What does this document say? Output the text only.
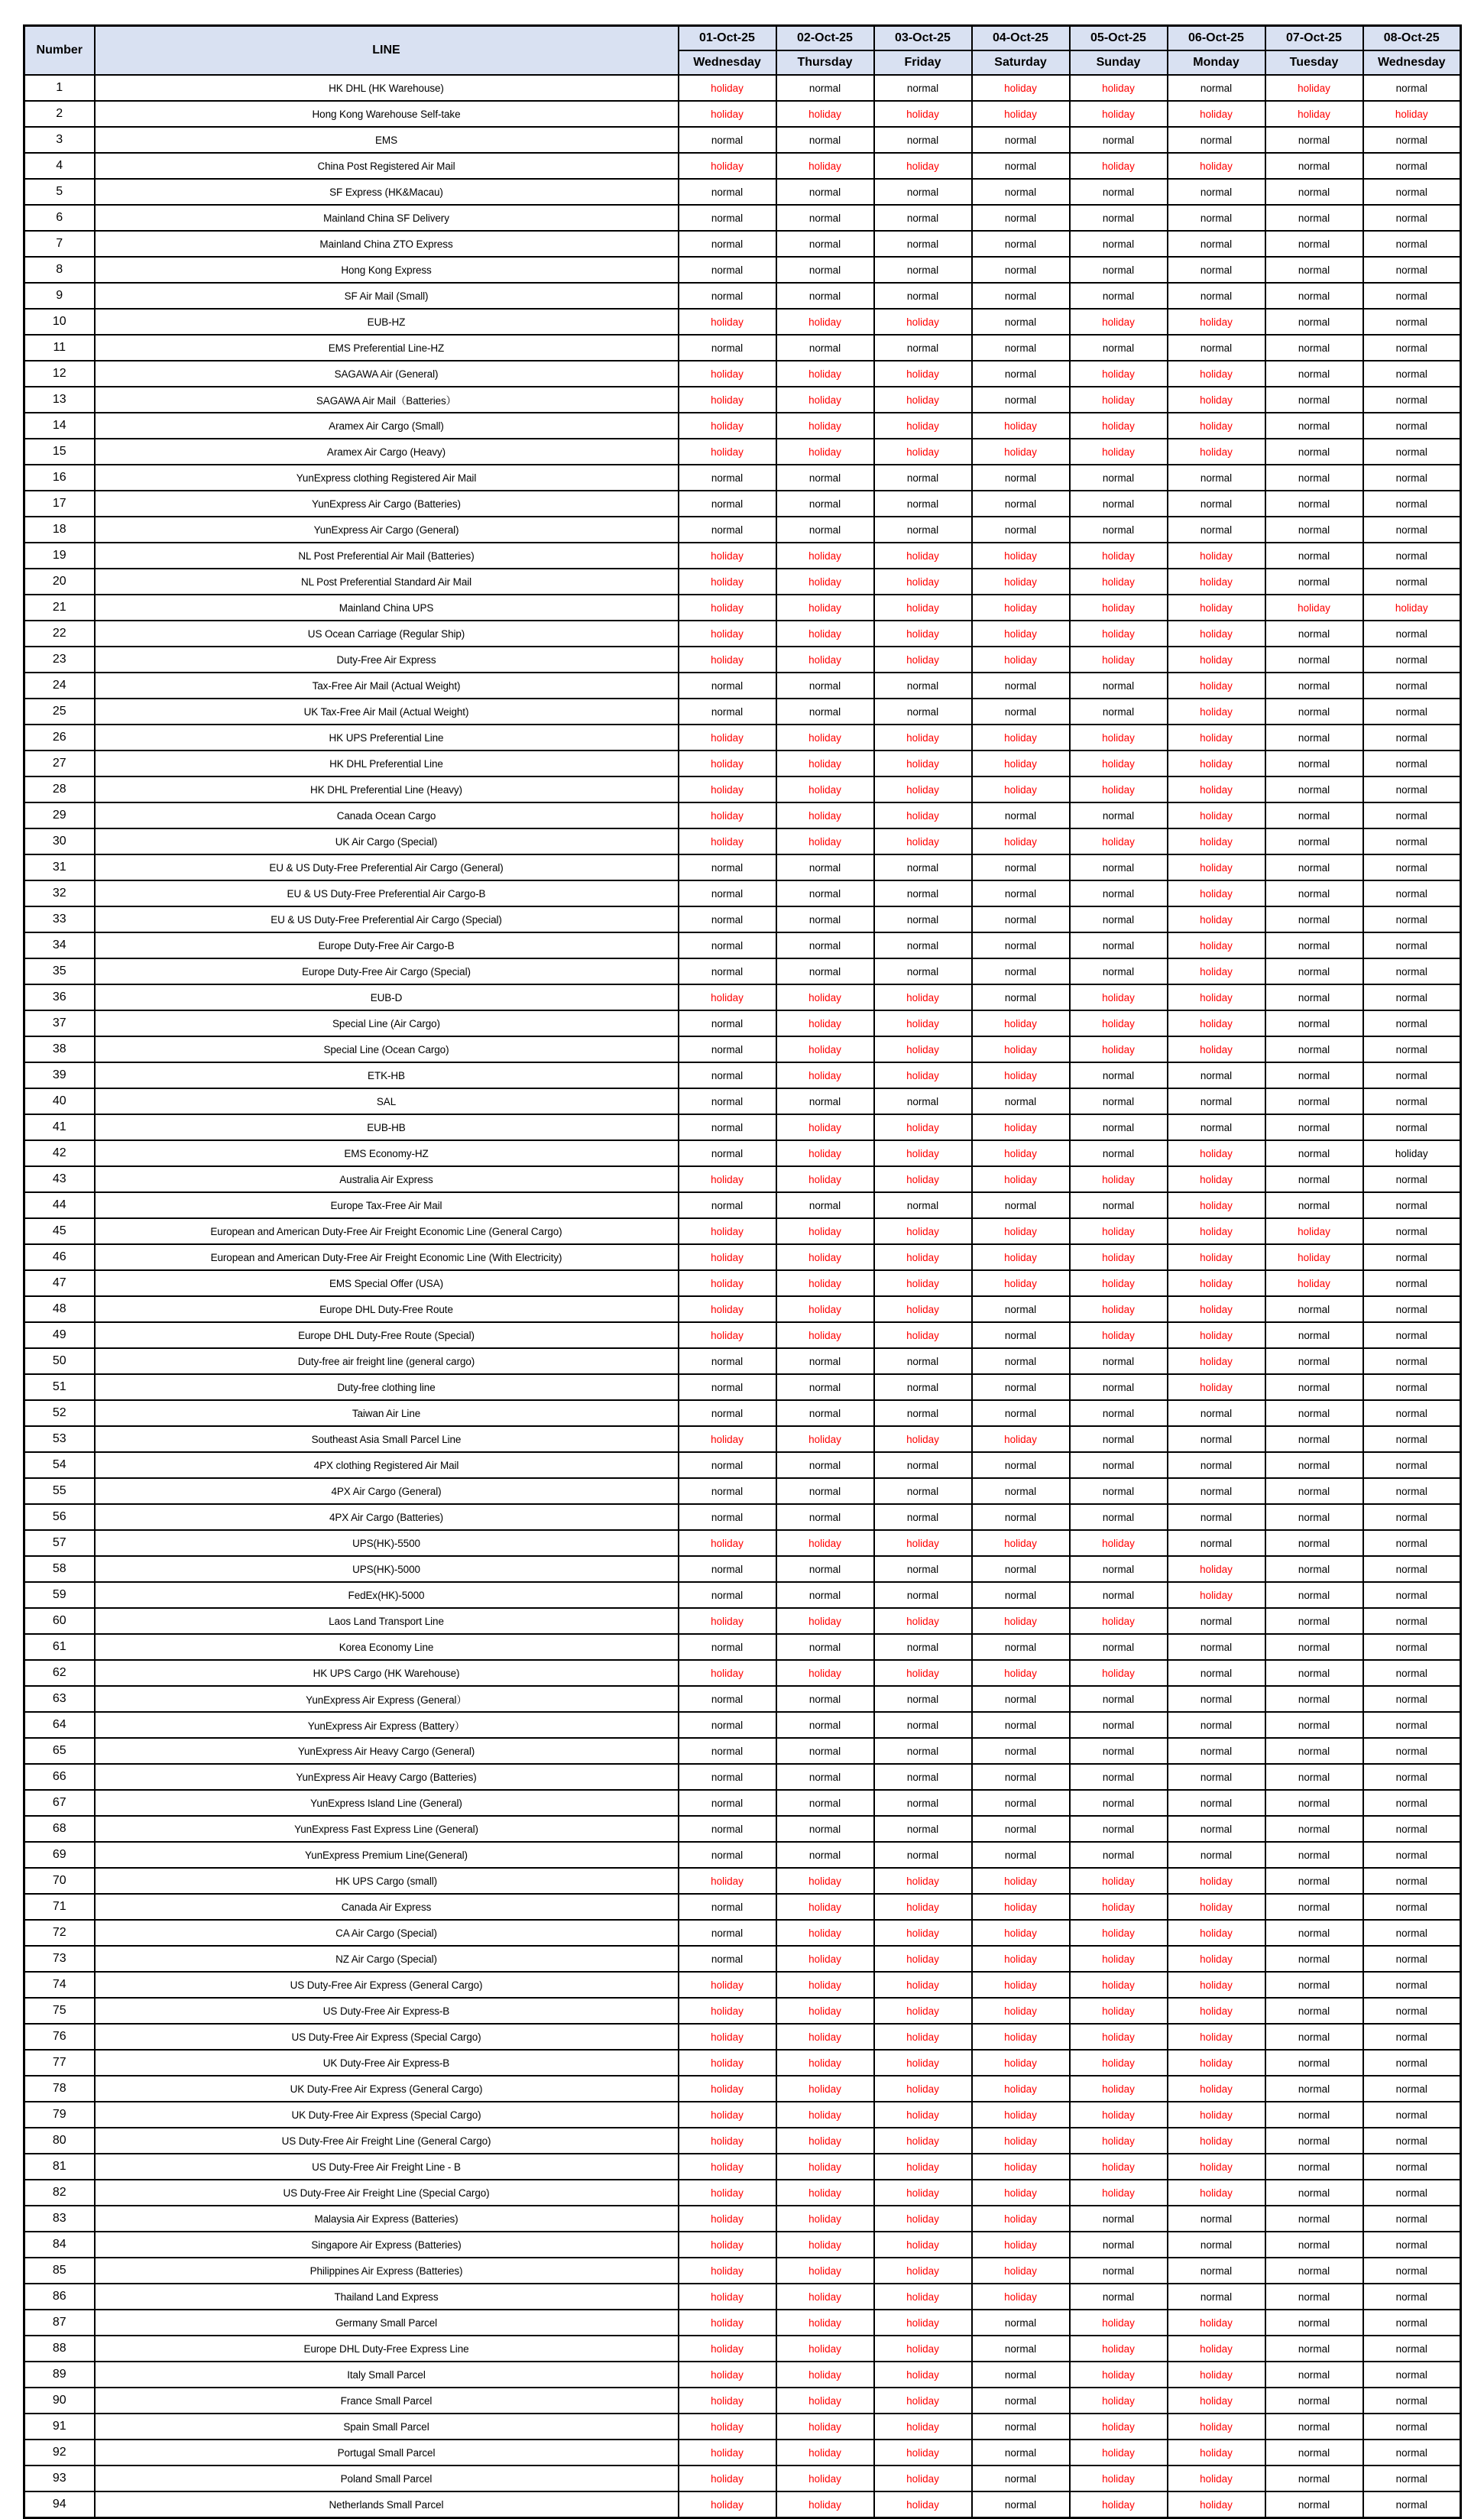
Number	LINE	01-Oct-25	02-Oct-25	03-Oct-25	04-Oct-25	05-Oct-25	06-Oct-25	07-Oct-25	08-Oct-25
		Wednesday	Thursday	Friday	Saturday	Sunday	Monday	Tuesday	Wednesday
1	HK DHL (HK Warehouse)	holiday	normal	normal	holiday	holiday	normal	holiday	normal
2	Hong Kong Warehouse Self-take	holiday	holiday	holiday	holiday	holiday	holiday	holiday	holiday
3	EMS	normal	normal	normal	normal	normal	normal	normal	normal
4	China Post Registered Air Mail	holiday	holiday	holiday	normal	holiday	holiday	normal	normal
5	SF Express (HK&Macau)	normal	normal	normal	normal	normal	normal	normal	normal
6	Mainland China SF Delivery	normal	normal	normal	normal	normal	normal	normal	normal
7	Mainland China ZTO Express	normal	normal	normal	normal	normal	normal	normal	normal
8	Hong Kong Express	normal	normal	normal	normal	normal	normal	normal	normal
9	SF Air Mail (Small)	normal	normal	normal	normal	normal	normal	normal	normal
10	EUB-HZ	holiday	holiday	holiday	normal	holiday	holiday	normal	normal
11	EMS Preferential Line-HZ	normal	normal	normal	normal	normal	normal	normal	normal
12	SAGAWA Air (General)	holiday	holiday	holiday	normal	holiday	holiday	normal	normal
13	SAGAWA Air Mail（Batteries）	holiday	holiday	holiday	normal	holiday	holiday	normal	normal
14	Aramex Air Cargo (Small)	holiday	holiday	holiday	holiday	holiday	holiday	normal	normal
15	Aramex Air Cargo (Heavy)	holiday	holiday	holiday	holiday	holiday	holiday	normal	normal
16	YunExpress clothing Registered Air Mail	normal	normal	normal	normal	normal	normal	normal	normal
17	YunExpress Air Cargo (Batteries)	normal	normal	normal	normal	normal	normal	normal	normal
18	YunExpress Air Cargo (General)	normal	normal	normal	normal	normal	normal	normal	normal
19	NL Post Preferential Air Mail (Batteries)	holiday	holiday	holiday	holiday	holiday	holiday	normal	normal
20	NL Post Preferential Standard Air Mail	holiday	holiday	holiday	holiday	holiday	holiday	normal	normal
21	Mainland China UPS	holiday	holiday	holiday	holiday	holiday	holiday	holiday	holiday
22	US Ocean Carriage (Regular Ship)	holiday	holiday	holiday	holiday	holiday	holiday	normal	normal
23	Duty-Free Air Express	holiday	holiday	holiday	holiday	holiday	holiday	normal	normal
24	Tax-Free Air Mail (Actual Weight)	normal	normal	normal	normal	normal	holiday	normal	normal
25	UK Tax-Free Air Mail (Actual Weight)	normal	normal	normal	normal	normal	holiday	normal	normal
26	HK UPS Preferential Line	holiday	holiday	holiday	holiday	holiday	holiday	normal	normal
27	HK DHL Preferential Line	holiday	holiday	holiday	holiday	holiday	holiday	normal	normal
28	HK DHL Preferential Line (Heavy)	holiday	holiday	holiday	holiday	holiday	holiday	normal	normal
29	Canada Ocean Cargo	holiday	holiday	holiday	normal	normal	holiday	normal	normal
30	UK Air Cargo (Special)	holiday	holiday	holiday	holiday	holiday	holiday	normal	normal
31	EU & US Duty-Free Preferential Air Cargo (General)	normal	normal	normal	normal	normal	holiday	normal	normal
32	EU & US Duty-Free Preferential Air Cargo-B	normal	normal	normal	normal	normal	holiday	normal	normal
33	EU & US Duty-Free Preferential Air Cargo (Special)	normal	normal	normal	normal	normal	holiday	normal	normal
34	Europe Duty-Free Air Cargo-B	normal	normal	normal	normal	normal	holiday	normal	normal
35	Europe Duty-Free Air Cargo (Special)	normal	normal	normal	normal	normal	holiday	normal	normal
36	EUB-D	holiday	holiday	holiday	normal	holiday	holiday	normal	normal
37	Special Line (Air Cargo)	normal	holiday	holiday	holiday	holiday	holiday	normal	normal
38	Special Line (Ocean Cargo)	normal	holiday	holiday	holiday	holiday	holiday	normal	normal
39	ETK-HB	normal	holiday	holiday	holiday	normal	normal	normal	normal
40	SAL	normal	normal	normal	normal	normal	normal	normal	normal
41	EUB-HB	normal	holiday	holiday	holiday	normal	normal	normal	normal
42	EMS Economy-HZ	normal	holiday	holiday	holiday	normal	holiday	normal	holiday
43	Australia Air Express	holiday	holiday	holiday	holiday	holiday	holiday	normal	normal
44	Europe Tax-Free Air Mail	normal	normal	normal	normal	normal	holiday	normal	normal
45	European and American Duty-Free Air Freight Economic Line (General Cargo)	holiday	holiday	holiday	holiday	holiday	holiday	holiday	normal
46	European and American Duty-Free Air Freight Economic Line (With Electricity)	holiday	holiday	holiday	holiday	holiday	holiday	holiday	normal
47	EMS Special Offer (USA)	holiday	holiday	holiday	holiday	holiday	holiday	holiday	normal
48	Europe DHL Duty-Free Route	holiday	holiday	holiday	normal	holiday	holiday	normal	normal
49	Europe DHL Duty-Free Route (Special)	holiday	holiday	holiday	normal	holiday	holiday	normal	normal
50	Duty-free air freight line (general cargo)	normal	normal	normal	normal	normal	holiday	normal	normal
51	Duty-free clothing line	normal	normal	normal	normal	normal	holiday	normal	normal
52	Taiwan Air Line	normal	normal	normal	normal	normal	normal	normal	normal
53	Southeast Asia Small Parcel Line	holiday	holiday	holiday	holiday	normal	normal	normal	normal
54	4PX clothing Registered Air Mail	normal	normal	normal	normal	normal	normal	normal	normal
55	4PX Air Cargo (General)	normal	normal	normal	normal	normal	normal	normal	normal
56	4PX Air Cargo (Batteries)	normal	normal	normal	normal	normal	normal	normal	normal
57	UPS(HK)-5500	holiday	holiday	holiday	holiday	holiday	normal	normal	normal
58	UPS(HK)-5000	normal	normal	normal	normal	normal	holiday	normal	normal
59	FedEx(HK)-5000	normal	normal	normal	normal	normal	holiday	normal	normal
60	Laos Land Transport Line	holiday	holiday	holiday	holiday	holiday	normal	normal	normal
61	Korea Economy Line	normal	normal	normal	normal	normal	normal	normal	normal
62	HK UPS Cargo (HK Warehouse)	holiday	holiday	holiday	holiday	holiday	normal	normal	normal
63	YunExpress Air Express (General）	normal	normal	normal	normal	normal	normal	normal	normal
64	YunExpress Air Express (Battery）	normal	normal	normal	normal	normal	normal	normal	normal
65	YunExpress Air Heavy Cargo (General)	normal	normal	normal	normal	normal	normal	normal	normal
66	YunExpress Air Heavy Cargo (Batteries)	normal	normal	normal	normal	normal	normal	normal	normal
67	YunExpress Island Line (General)	normal	normal	normal	normal	normal	normal	normal	normal
68	YunExpress Fast Express Line (General)	normal	normal	normal	normal	normal	normal	normal	normal
69	YunExpress Premium Line(General)	normal	normal	normal	normal	normal	normal	normal	normal
70	HK UPS Cargo (small)	holiday	holiday	holiday	holiday	holiday	holiday	normal	normal
71	Canada Air Express	normal	holiday	holiday	holiday	holiday	holiday	normal	normal
72	CA Air Cargo (Special)	normal	holiday	holiday	holiday	holiday	holiday	normal	normal
73	NZ Air Cargo (Special)	normal	holiday	holiday	holiday	holiday	holiday	normal	normal
74	US Duty-Free Air Express (General Cargo)	holiday	holiday	holiday	holiday	holiday	holiday	normal	normal
75	US Duty-Free Air Express-B	holiday	holiday	holiday	holiday	holiday	holiday	normal	normal
76	US Duty-Free Air Express (Special Cargo)	holiday	holiday	holiday	holiday	holiday	holiday	normal	normal
77	UK Duty-Free Air Express-B	holiday	holiday	holiday	holiday	holiday	holiday	normal	normal
78	UK Duty-Free Air Express (General Cargo)	holiday	holiday	holiday	holiday	holiday	holiday	normal	normal
79	UK Duty-Free Air Express (Special Cargo)	holiday	holiday	holiday	holiday	holiday	holiday	normal	normal
80	US Duty-Free Air Freight Line (General Cargo)	holiday	holiday	holiday	holiday	holiday	holiday	normal	normal
81	US Duty-Free Air Freight Line - B	holiday	holiday	holiday	holiday	holiday	holiday	normal	normal
82	US Duty-Free Air Freight Line (Special Cargo)	holiday	holiday	holiday	holiday	holiday	holiday	normal	normal
83	Malaysia Air Express (Batteries)	holiday	holiday	holiday	holiday	normal	normal	normal	normal
84	Singapore Air Express (Batteries)	holiday	holiday	holiday	holiday	normal	normal	normal	normal
85	Philippines Air Express (Batteries)	holiday	holiday	holiday	holiday	normal	normal	normal	normal
86	Thailand Land Express	holiday	holiday	holiday	holiday	normal	normal	normal	normal
87	Germany Small Parcel	holiday	holiday	holiday	normal	holiday	holiday	normal	normal
88	Europe DHL Duty-Free Express Line	holiday	holiday	holiday	normal	holiday	holiday	normal	normal
89	Italy Small Parcel	holiday	holiday	holiday	normal	holiday	holiday	normal	normal
90	France Small Parcel	holiday	holiday	holiday	normal	holiday	holiday	normal	normal
91	Spain Small Parcel	holiday	holiday	holiday	normal	holiday	holiday	normal	normal
92	Portugal Small Parcel	holiday	holiday	holiday	normal	holiday	holiday	normal	normal
93	Poland Small Parcel	holiday	holiday	holiday	normal	holiday	holiday	normal	normal
94	Netherlands Small Parcel	holiday	holiday	holiday	normal	holiday	holiday	normal	normal
